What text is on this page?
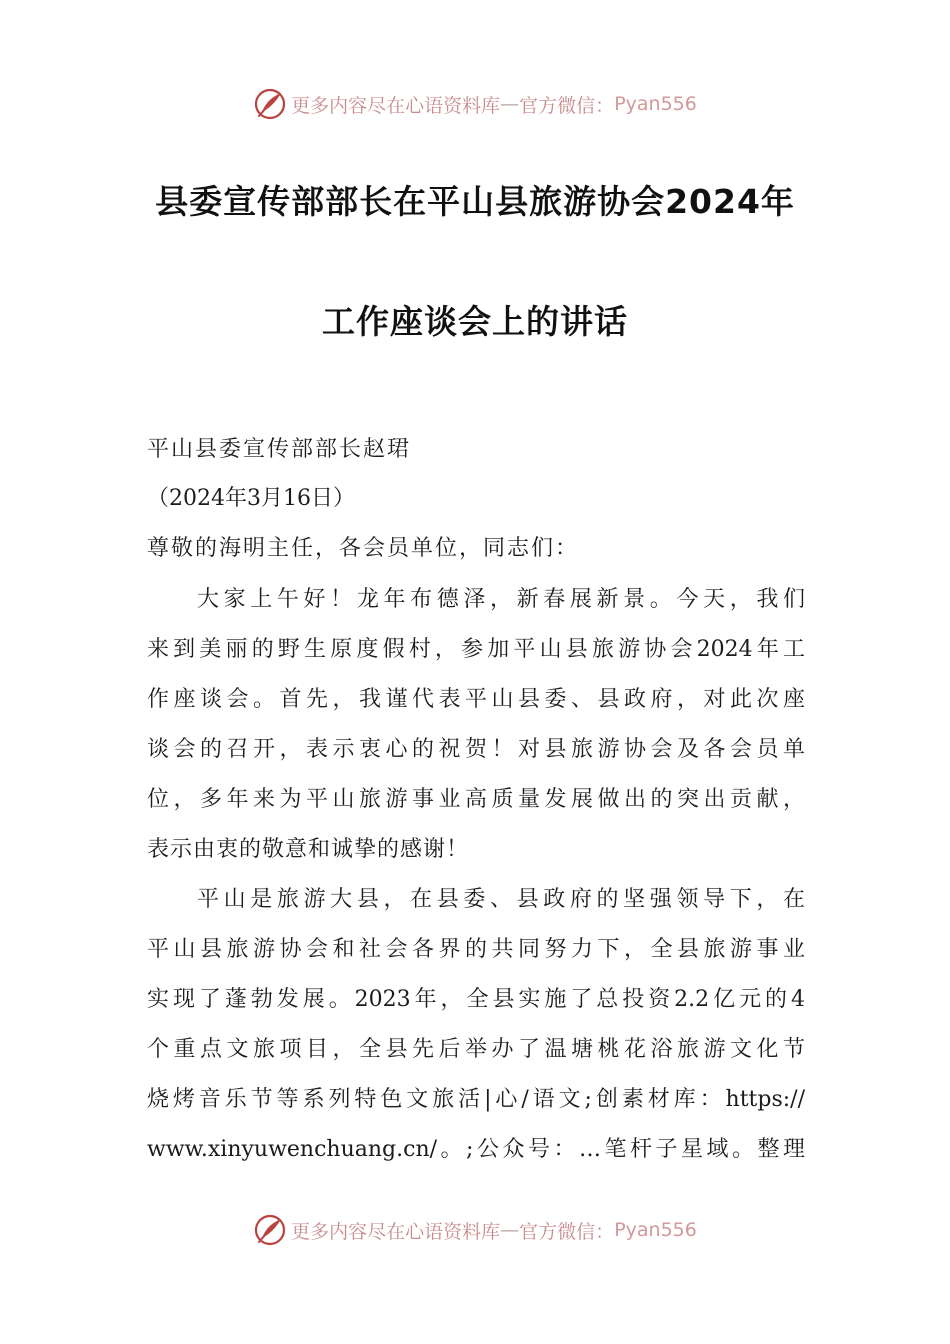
更多内容尽在心语资料库 — 官方微信： Pyan556
县委宣传部部长在平山县旅游协会2024年
工作座谈会上的讲话
平山县委宣传部部长赵珺
（2024年3月16日）
尊敬的海明主任，各会员单位，同志们：
大家上午好！龙年布德泽，新春展新景。今天，我们
来到美丽的野生原度假村，参加平山县旅游协会2024年工
作座谈会。首先，我谨代表平山县委、县政府，对此次座
谈会的召开，表示衷心的祝贺！对县旅游协会及各会员单
位，多年来为平山旅游事业高质量发展做出的突出贡献，
表示由衷的敬意和诚挚的感谢！
平山是旅游大县，在县委、县政府的坚强领导下，在
平山县旅游协会和社会各界的共同努力下，全县旅游事业
实现了蓬勃发展。2023年，全县实施了总投资2.2亿元的4
个重点文旅项目，全县先后举办了温塘桃花浴旅游文化节
烧烤音乐节等系列特色文旅活|心/语文;创素材库：https://
www.xinyuwenchuang.cn/。;公众号：…笔杆子星域。整理
更多内容尽在心语资料库 — 官方微信： Pyan556
